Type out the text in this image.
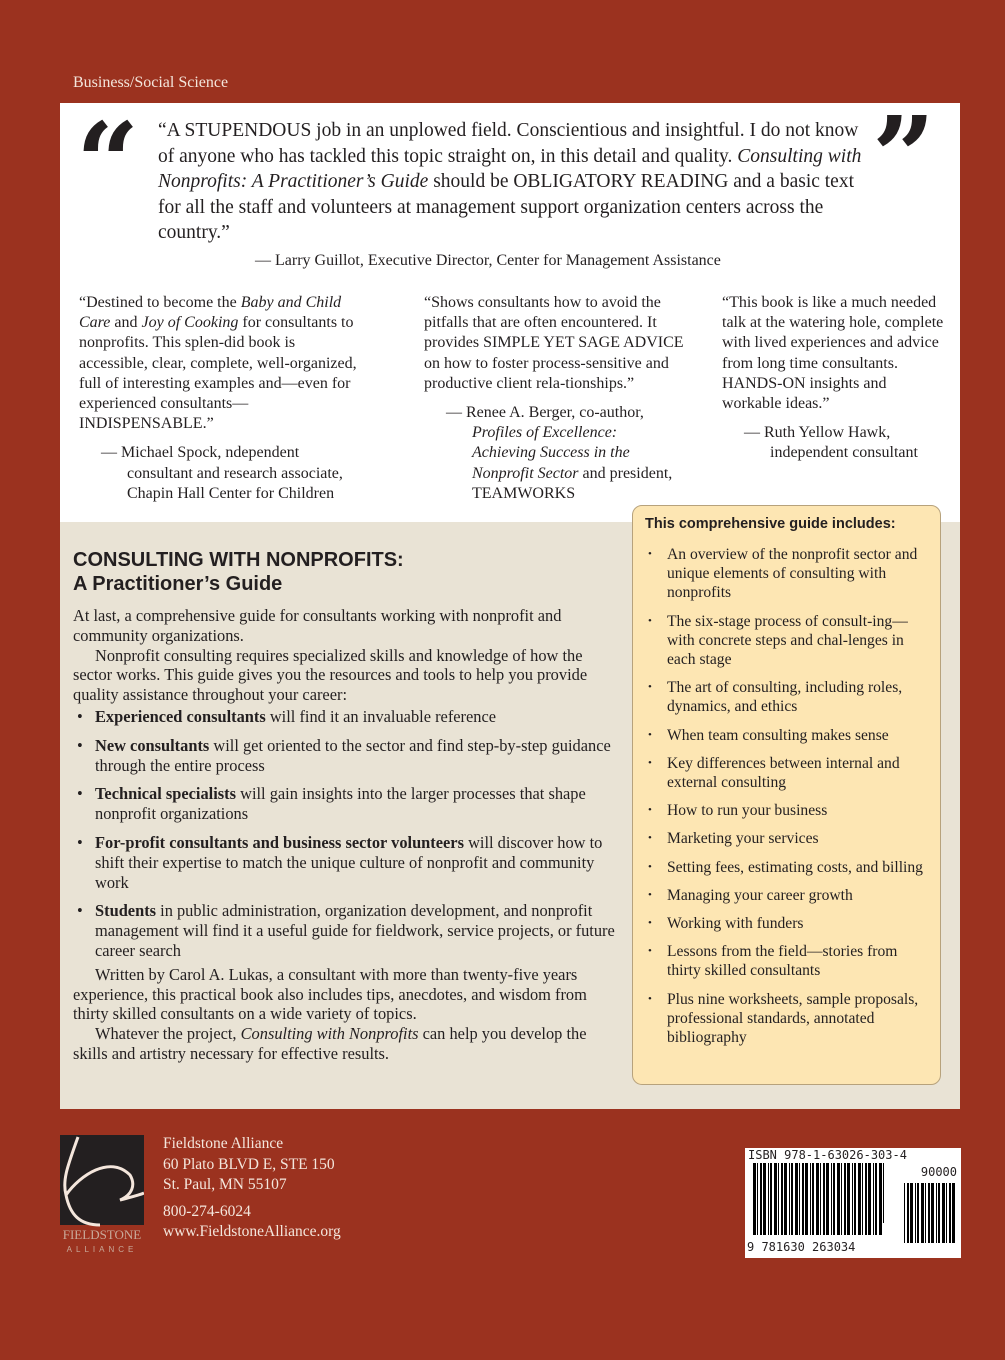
Business/Social Science
“	”
“A STUPENDOUS job in an unplowed field. Conscientious and insightful. I do not know of anyone who has tackled this topic straight on, in this detail and quality. Consulting with Nonprofits: A Practitioner’s Guide should be OBLIGATORY READING and a basic text for all the staff and volunteers at management support organization centers across the country.”
— Larry Guillot, Executive Director, Center for Management Assistance
“Destined to become the Baby and Child Care and Joy of Cooking for consultants to nonprofits. This splen-did book is accessible, clear, complete, well-organized, full of interesting examples and—even for experienced consultants—INDISPENSABLE.”
— Michael Spock, ndependent consultant and research associate, Chapin Hall Center for Children
“Shows consultants how to avoid the pitfalls that are often encountered. It provides SIMPLE YET SAGE ADVICE on how to foster process-sensitive and productive client rela-tionships.”
— Renee A. Berger, co-author, Profiles of Excellence: Achieving Success in the Nonprofit Sector and president, TEAMWORKS
“This book is like a much needed talk at the watering hole, complete with lived experiences and advice from long time consultants. HANDS-ON insights and workable ideas.”
— Ruth Yellow Hawk, independent consultant
CONSULTING WITH NONPROFITS:
A Practitioner’s Guide

At last, a comprehensive guide for consultants working with nonprofit and community organizations.

Nonprofit consulting requires specialized skills and knowledge of how the sector works. This guide gives you the resources and tools to help you provide quality assistance throughout your career:

• Experienced consultants will find it an invaluable reference
• New consultants will get oriented to the sector and find step-by-step guidance through the entire process
• Technical specialists will gain insights into the larger processes that shape nonprofit organizations
• For-profit consultants and business sector volunteers will discover how to shift their expertise to match the unique culture of nonprofit and community work
• Students in public administration, organization development, and nonprofit management will find it a useful guide for fieldwork, service projects, or future career search

Written by Carol A. Lukas, a consultant with more than twenty-five years experience, this practical book also includes tips, anecdotes, and wisdom from thirty skilled consultants on a wide variety of topics.

Whatever the project, Consulting with Nonprofits can help you develop the skills and artistry necessary for effective results.

This comprehensive guide includes:
• An overview of the nonprofit sector and unique elements of consulting with nonprofits
• The six-stage process of consult-ing—with concrete steps and chal-lenges in each stage
• The art of consulting, including roles, dynamics, and ethics
• When team consulting makes sense
• Key differences between internal and external consulting
• How to run your business
• Marketing your services
• Setting fees, estimating costs, and billing
• Managing your career growth
• Working with funders
• Lessons from the field—stories from thirty skilled consultants
• Plus nine worksheets, sample proposals, professional standards, annotated bibliography
FIELDSTONE
ALLIANCE
Fieldstone Alliance
60 Plato BLVD E, STE 150
St. Paul, MN 55107
800-274-6024
www.FieldstoneAlliance.org
ISBN 978-1-63026-303-4
90000
9 781630 263034
